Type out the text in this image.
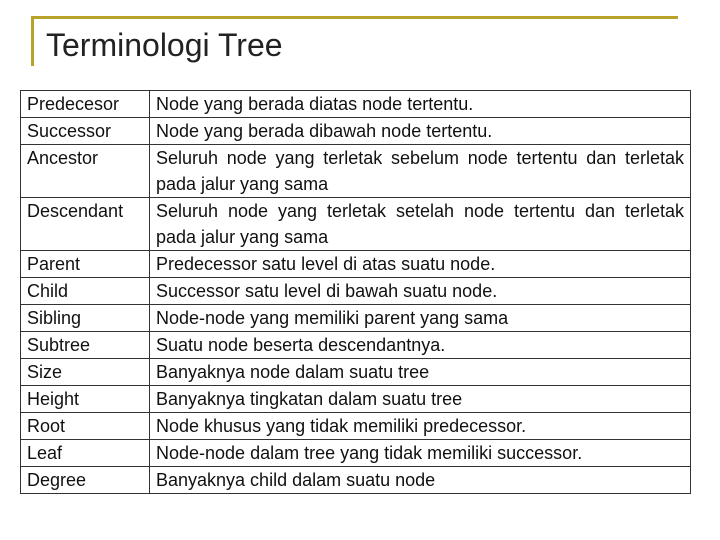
Terminologi Tree
Predecesor	Node yang berada diatas node tertentu.
Successor	Node yang berada dibawah node tertentu.
Ancestor	Seluruh node yang terletak sebelum node tertentu dan terletak pada jalur yang sama
Descendant	Seluruh node yang terletak setelah node tertentu dan terletak pada jalur yang sama
Parent	Predecessor satu level di atas suatu node.
Child	Successor satu level di bawah suatu node.
Sibling	Node-node yang memiliki parent yang sama
Subtree	Suatu node beserta descendantnya.
Size	Banyaknya node dalam suatu tree
Height	Banyaknya tingkatan dalam suatu tree
Root	Node khusus yang tidak memiliki predecessor.
Leaf	Node-node dalam tree yang tidak memiliki successor.
Degree	Banyaknya child dalam suatu node
